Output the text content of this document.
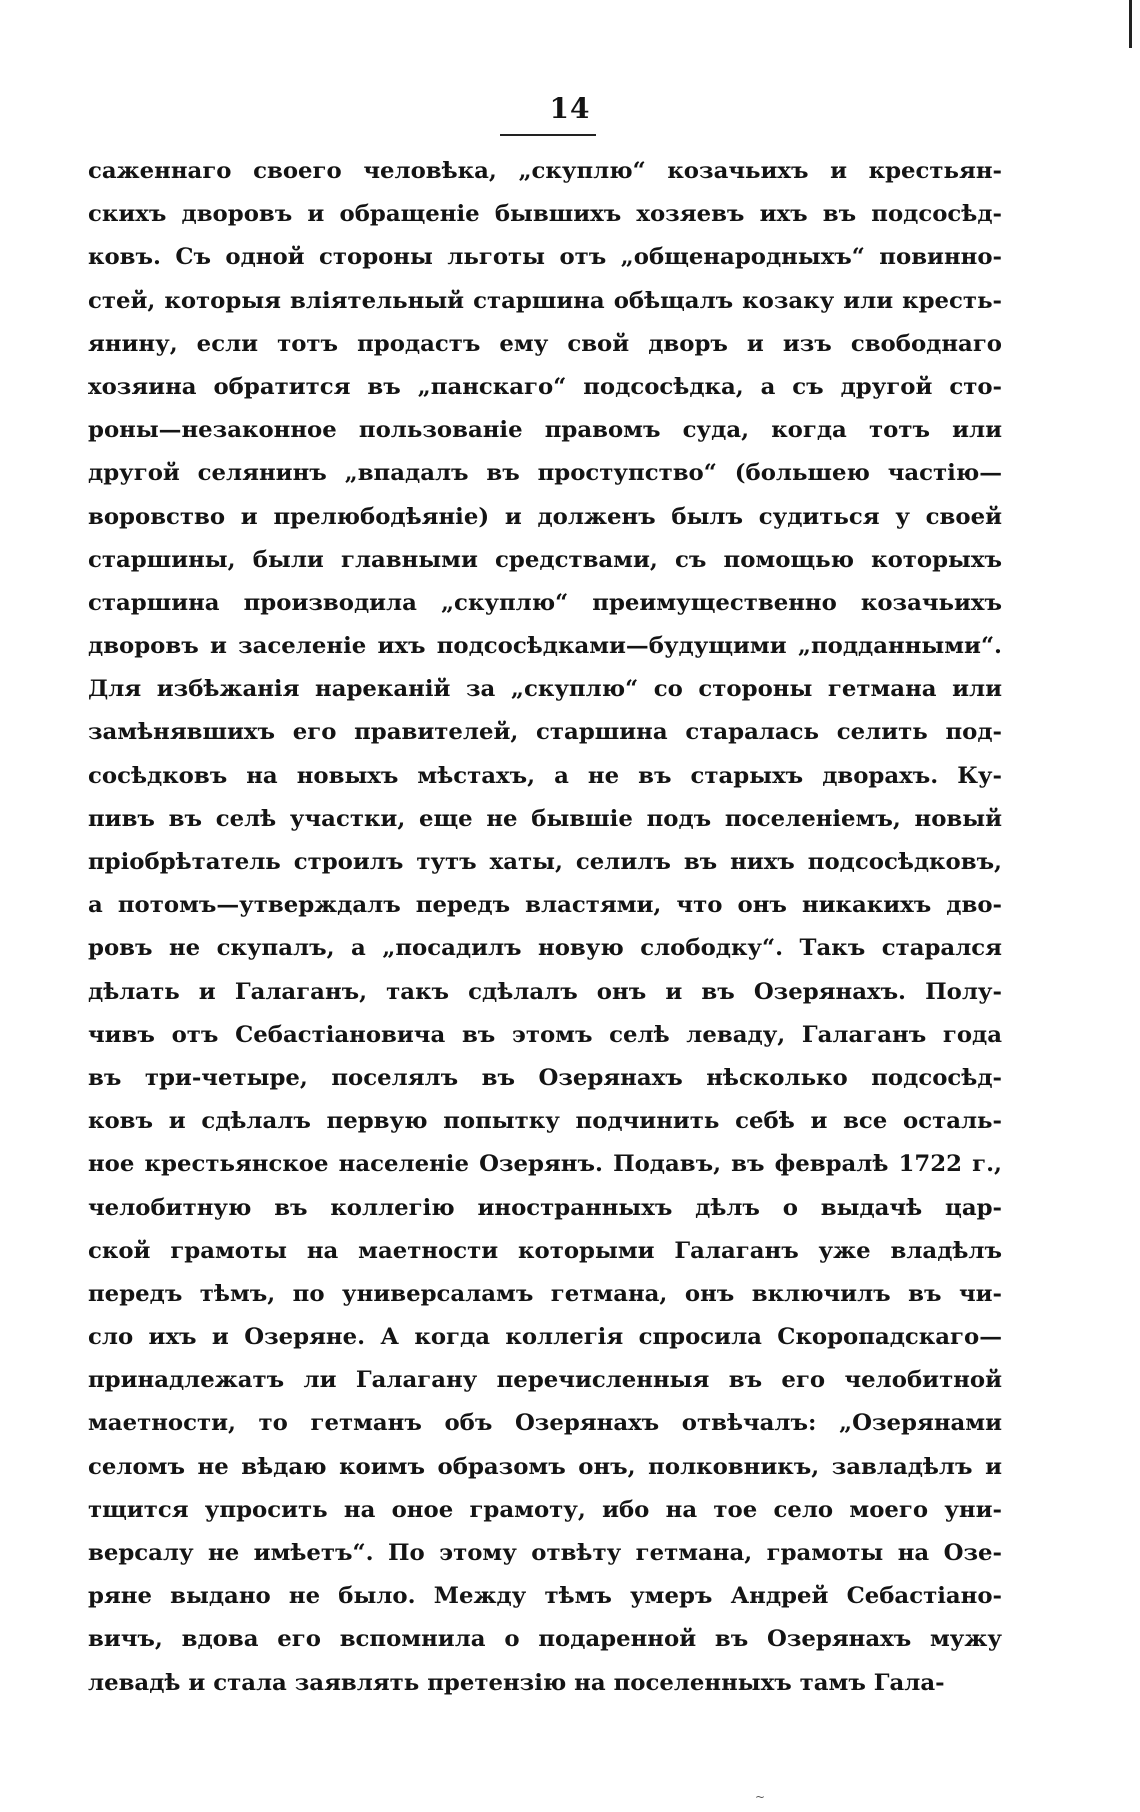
14
саженнаго своего человѣка, „скуплю“ козачьихъ и крестьян-
скихъ дворовъ и обращеніе бывшихъ хозяевъ ихъ въ подсосѣд-
ковъ. Съ одной стороны льготы отъ „общенародныхъ“ повинно-
стей, которыя вліятельный старшина обѣщалъ козаку или кресть-
янину, если тотъ продастъ ему свой дворъ и изъ свободнаго
хозяина обратится въ „панскаго“ подсосѣдка, а съ другой сто-
роны—незаконное пользованіе правомъ суда, когда тотъ или
другой селянинъ „впадалъ въ проступство“ (большею частію—
воровство и прелюбодѣяніе) и долженъ былъ судиться у своей
старшины, были главными средствами, съ помощью которыхъ
старшина производила „скуплю“ преимущественно козачьихъ
дворовъ и заселеніе ихъ подсосѣдками—будущими „подданными“.
Для избѣжанія нареканій за „скуплю“ со стороны гетмана или
замѣнявшихъ его правителей, старшина старалась селить под-
сосѣдковъ на новыхъ мѣстахъ, а не въ старыхъ дворахъ. Ку-
пивъ въ селѣ участки, еще не бывшіе подъ поселеніемъ, новый
пріобрѣтатель строилъ тутъ хаты, селилъ въ нихъ подсосѣдковъ,
а потомъ—утверждалъ передъ властями, что онъ никакихъ дво-
ровъ не скупалъ, а „посадилъ новую слободку“. Такъ старался
дѣлать и Галаганъ, такъ сдѣлалъ онъ и въ Озерянахъ. Полу-
чивъ отъ Себастіановича въ этомъ селѣ леваду, Галаганъ года
въ три-четыре, поселялъ въ Озерянахъ нѣсколько подсосѣд-
ковъ и сдѣлалъ первую попытку подчинить себѣ и все осталь-
ное крестьянское населеніе Озерянъ. Подавъ, въ февралѣ 1722 г.,
челобитную въ коллегію иностранныхъ дѣлъ о выдачѣ цар-
ской грамоты на маетности которыми Галаганъ уже владѣлъ
передъ тѣмъ, по универсаламъ гетмана, онъ включилъ въ чи-
сло ихъ и Озеряне. А когда коллегія спросила Скоропадскаго—
принадлежатъ ли Галагану перечисленныя въ его челобитной
маетности, то гетманъ объ Озерянахъ отвѣчалъ: „Озерянами
селомъ не вѣдаю коимъ образомъ онъ, полковникъ, завладѣлъ и
тщится упросить на оное грамоту, ибо на тое село моего уни-
версалу не имѣетъ“. По этому отвѣту гетмана, грамоты на Озе-
ряне выдано не было. Между тѣмъ умеръ Андрей Себастіано-
вичъ, вдова его вспомнила о подаренной въ Озерянахъ мужу
левадѣ и стала заявлять претензію на поселенныхъ тамъ Гала-
~
